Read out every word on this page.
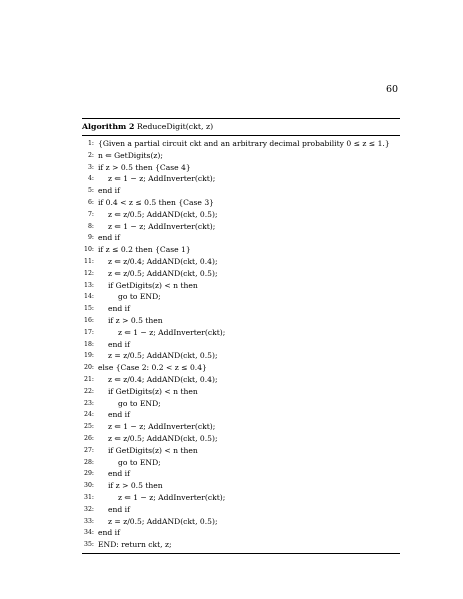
60
Algorithm 2 ReduceDigit(ckt, z)
1: {Given a partial circuit ckt and an arbitrary decimal probability 0 ≤ z ≤ 1.}
2: n ⇐ GetDigits(z);
3: if z > 0.5 then {Case 4}
4: z ⇐ 1 − z; AddInverter(ckt);
5: end if
6: if 0.4 < z ≤ 0.5 then {Case 3}
7: z ⇐ z/0.5; AddAND(ckt, 0.5);
8: z ⇐ 1 − z; AddInverter(ckt);
9: end if
10: if z ≤ 0.2 then {Case 1}
11: z ⇐ z/0.4; AddAND(ckt, 0.4);
12: z ⇐ z/0.5; AddAND(ckt, 0.5);
13: if GetDigits(z) < n then
14:	go to END;
15: end if
16: if z > 0.5 then
17:	z ⇐ 1 − z; AddInverter(ckt);
18: end if
19: z = z/0.5; AddAND(ckt, 0.5);
20: else {Case 2: 0.2 < z ≤ 0.4}
21: z ⇐ z/0.4; AddAND(ckt, 0.4);
22: if GetDigits(z) < n then
23:	go to END;
24: end if
25: z ⇐ 1 − z; AddInverter(ckt);
26: z ⇐ z/0.5; AddAND(ckt, 0.5);
27: if GetDigits(z) < n then
28:	go to END;
29: end if
30: if z > 0.5 then
31:	z ⇐ 1 − z; AddInverter(ckt);
32: end if
33: z = z/0.5; AddAND(ckt, 0.5);
34: end if
35: END: return ckt, z;
